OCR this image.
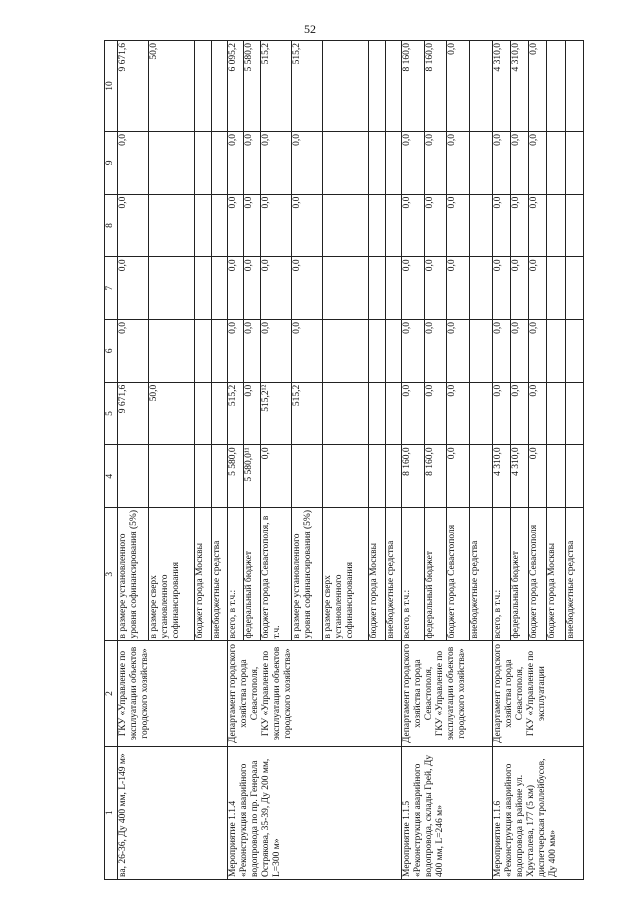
52
1	2	3	4	5	6	7	8	9	10
ва, 26-36, Ду 400 мм, L-149 м»	ГКУ «Управление по эксплуатации объектов городского хозяйства»	в размере установленного уровня софинансирования (5%)		9 671,6	0,0	0,0	0,0	0,0	9 671,6
		в размере сверх установленного софинансирования		50,0					50,0
		бюджет города Москвы							
		внебюджетные средства							
Мероприятие 1.1.4 «Реконструкция аварийного водопровода по пр. Генерала Острякова, 35-39, Ду 200 мм, L=300 м»	Департамент городского хозяйства города Севастополя, ГКУ «Управление по эксплуатации объектов городского хозяйства»	всего, в т.ч.:	5 580,0	515,2	0,0	0,0	0,0	0,0	6 095,2
		федеральный бюджет	5 580,0¹¹	0,0	0,0	0,0	0,0	0,0	5 580,0
		бюджет города Севастополя, в т.ч.	0,0	515,2¹²	0,0	0,0	0,0	0,0	515,2
		в размере установленного уровня софинансирования (5%)		515,2	0,0	0,0	0,0	0,0	515,2
		в размере сверх установленного софинансирования							
		бюджет города Москвы							
		внебюджетные средства							
Мероприятие 1.1.5 «Реконструкция аварийного водопровода, склады Грей, Ду 400 мм, L=246 м»	Департамент городского хозяйства города Севастополя, ГКУ «Управление по эксплуатации объектов городского хозяйства»	всего, в т.ч.:	8 160,0	0,0	0,0	0,0	0,0	0,0	8 160,0
		федеральный бюджет	8 160,0	0,0	0,0	0,0	0,0	0,0	8 160,0
		бюджет города Севастополя	0,0	0,0	0,0	0,0	0,0	0,0	0,0
		внебюджетные средства							
Мероприятие 1.1.6 «Реконструкция аварийного водопровода в районе ул. Хрусталева, 177 (5 км) диспетчерская троллейбусов, Ду 400 мм»	Департамент городского хозяйства города Севастополя, ГКУ «Управление по эксплуатации	всего, в т.ч.:	4 310,0	0,0	0,0	0,0	0,0	0,0	4 310,0
		федеральный бюджет	4 310,0	0,0	0,0	0,0	0,0	0,0	4 310,0
		бюджет города Севастополя	0,0	0,0	0,0	0,0	0,0	0,0	0,0
		бюджет города Москвы							
		внебюджетные средства							
